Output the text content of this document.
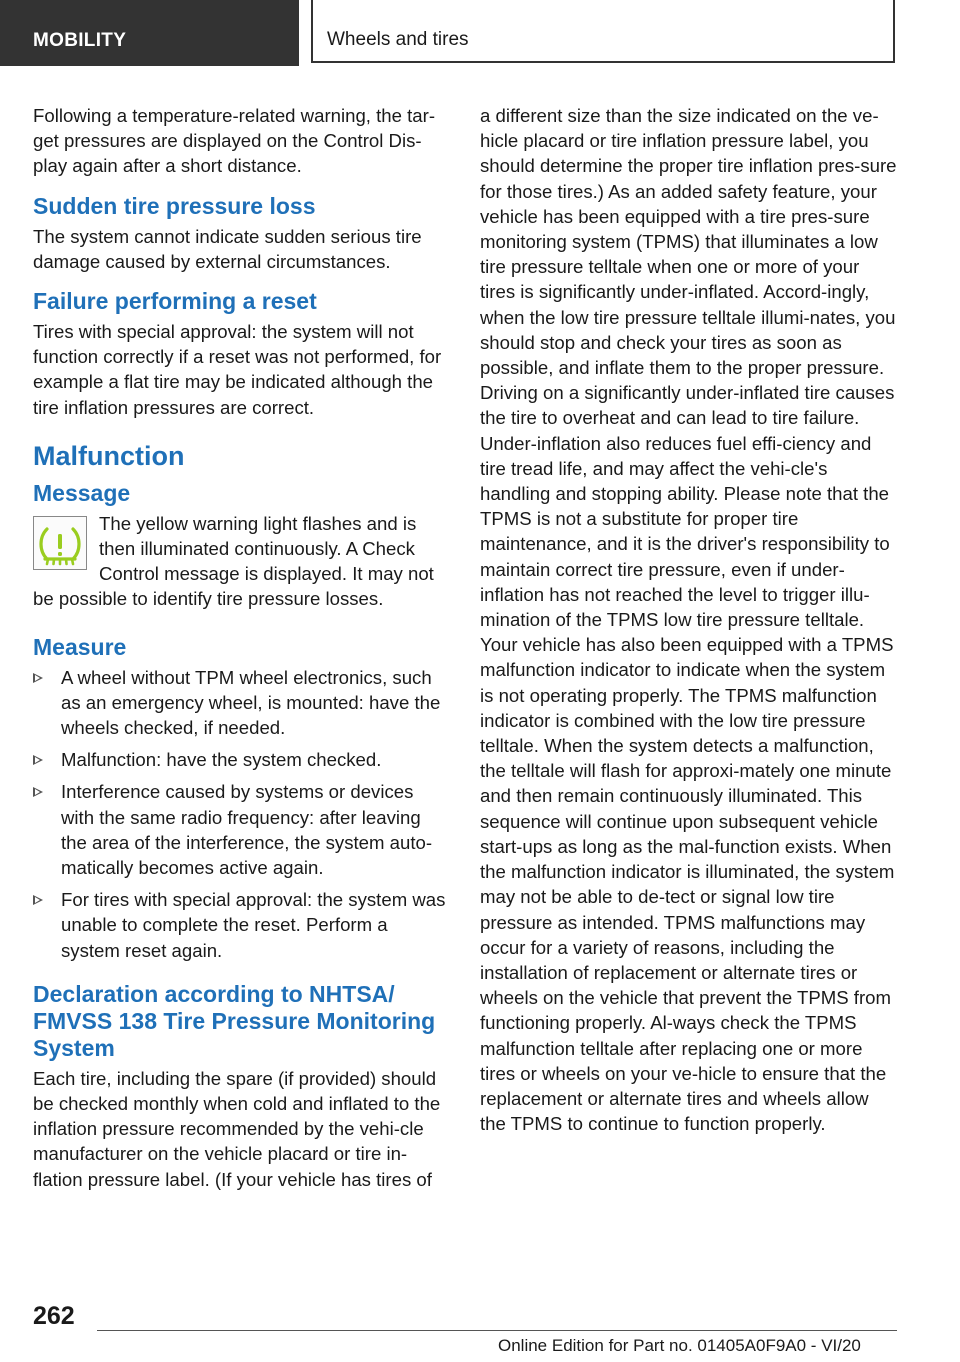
MOBILITY	Wheels and tires

Following a temperature-related warning, the tar-get pressures are displayed on the Control Dis-play again after a short distance.

Sudden tire pressure loss

The system cannot indicate sudden serious tire damage caused by external circumstances.

Failure performing a reset

Tires with special approval: the system will not function correctly if a reset was not performed, for example a flat tire may be indicated although the tire inflation pressures are correct.

Malfunction
Message

The yellow warning light flashes and is then illuminated continuously. A Check Control message is displayed. It may not

be possible to identify tire pressure losses.

Measure
A wheel without TPM wheel electronics, such as an emergency wheel, is mounted: have the wheels checked, if needed.
Malfunction: have the system checked.
Interference caused by systems or devices with the same radio frequency: after leaving the area of the interference, the system auto-matically becomes active again.
For tires with special approval: the system was unable to complete the reset. Perform a system reset again.
Declaration according to NHTSA/ FMVSS 138 Tire Pressure Monitoring System

Each tire, including the spare (if provided) should be checked monthly when cold and inflated to the inflation pressure recommended by the vehi-cle manufacturer on the vehicle placard or tire in-flation pressure label. (If your vehicle has tires of

a different size than the size indicated on the ve-hicle placard or tire inflation pressure label, you should determine the proper tire inflation pres-sure for those tires.) As an added safety feature, your vehicle has been equipped with a tire pres-sure monitoring system (TPMS) that illuminates a low tire pressure telltale when one or more of your tires is significantly under-inflated. Accord-ingly, when the low tire pressure telltale illumi-nates, you should stop and check your tires as soon as possible, and inflate them to the proper pressure. Driving on a significantly under-inflated tire causes the tire to overheat and can lead to tire failure. Under-inflation also reduces fuel effi-ciency and tire tread life, and may affect the vehi-cle's handling and stopping ability. Please note that the TPMS is not a substitute for proper tire maintenance, and it is the driver's responsibility to maintain correct tire pressure, even if under-inflation has not reached the level to trigger illu-mination of the TPMS low tire pressure telltale. Your vehicle has also been equipped with a TPMS malfunction indicator to indicate when the system is not operating properly. The TPMS malfunction indicator is combined with the low tire pressure telltale. When the system detects a malfunction, the telltale will flash for approxi-mately one minute and then remain continuously illuminated. This sequence will continue upon subsequent vehicle start-ups as long as the mal-function exists. When the malfunction indicator is illuminated, the system may not be able to de-tect or signal low tire pressure as intended. TPMS malfunctions may occur for a variety of reasons, including the installation of replacement or alternate tires or wheels on the vehicle that prevent the TPMS from functioning properly. Al-ways check the TPMS malfunction telltale after replacing one or more tires or wheels on your ve-hicle to ensure that the replacement or alternate tires and wheels allow the TPMS to continue to function properly.

262
Online Edition for Part no. 01405A0F9A0 - VI/20
